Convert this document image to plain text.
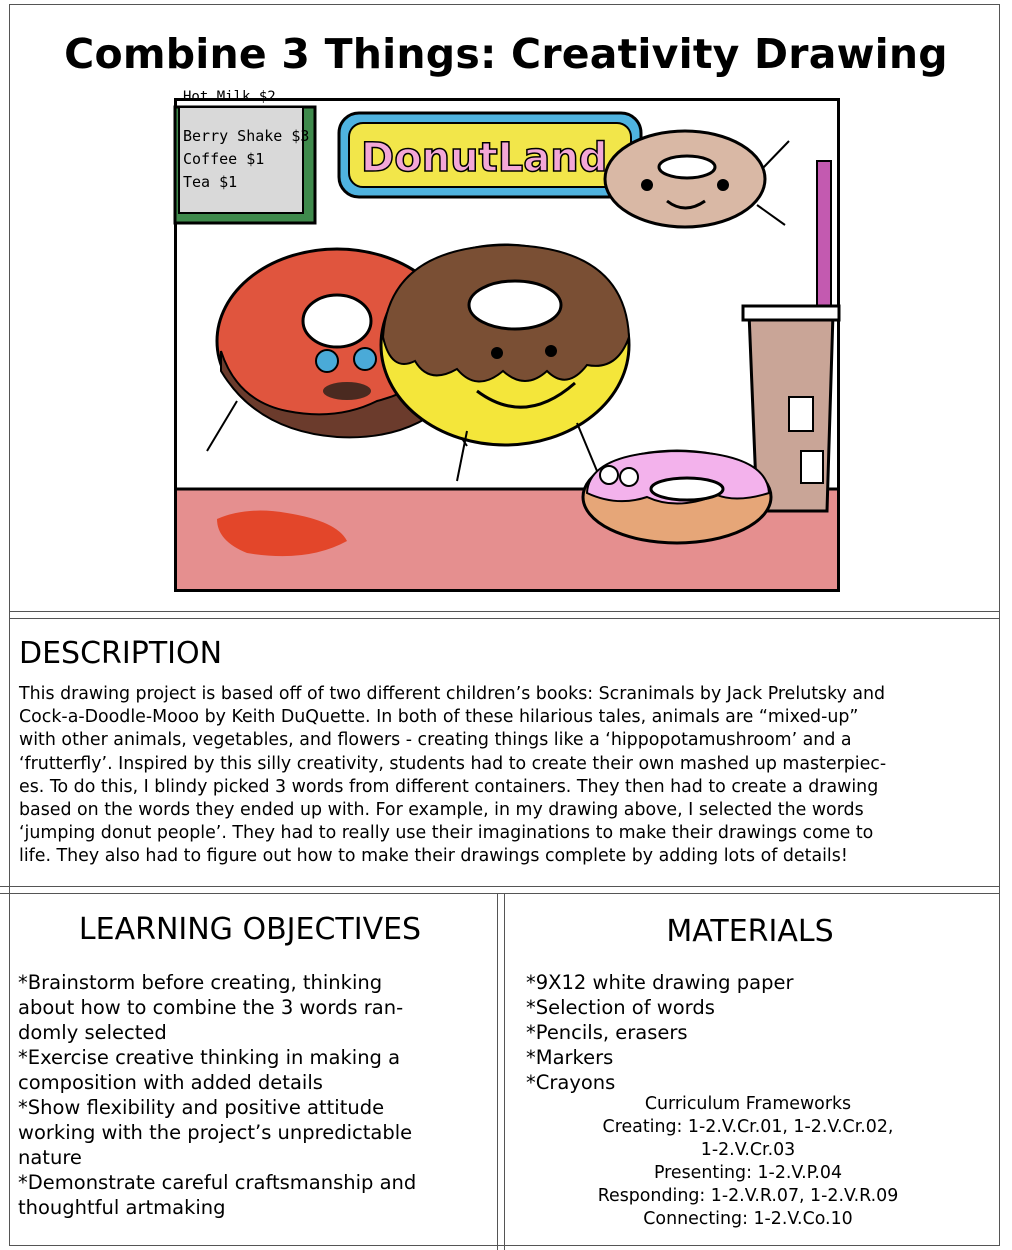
Combine 3 Things: Creativity Drawing
Hot Milk $2
Berry Shake $3
Coffee $1
Tea $1
DonutLand
DESCRIPTION
This drawing project is based off of two different children’s books: Scranimals by Jack Prelutsky and
Cock-a-Doodle-Mooo by Keith DuQuette. In both of these hilarious tales, animals are “mixed-up”
with other animals, vegetables, and flowers - creating things like a ‘hippopotamushroom’ and a
‘frutterfly’. Inspired by this silly creativity, students had to create their own mashed up masterpiec-
es. To do this, I blindy picked 3 words from different containers. They then had to create a drawing
based on the words they ended up with. For example, in my drawing above, I selected the words
‘jumping donut people’. They had to really use their imaginations to make their drawings come to
life. They also had to figure out how to make their drawings complete by adding lots of details!
LEARNING OBJECTIVES
*Brainstorm before creating, thinking
about how to combine the 3 words ran-
domly selected
*Exercise creative thinking in making a
composition with added details
*Show flexibility and positive attitude
working with the project’s unpredictable
nature
*Demonstrate careful craftsmanship and
thoughtful artmaking
MATERIALS
*9X12 white drawing paper
*Selection of words
*Pencils, erasers
*Markers
*Crayons
Curriculum Frameworks
Creating: 1-2.V.Cr.01, 1-2.V.Cr.02,
1-2.V.Cr.03
Presenting: 1-2.V.P.04
Responding: 1-2.V.R.07, 1-2.V.R.09
Connecting: 1-2.V.Co.10
